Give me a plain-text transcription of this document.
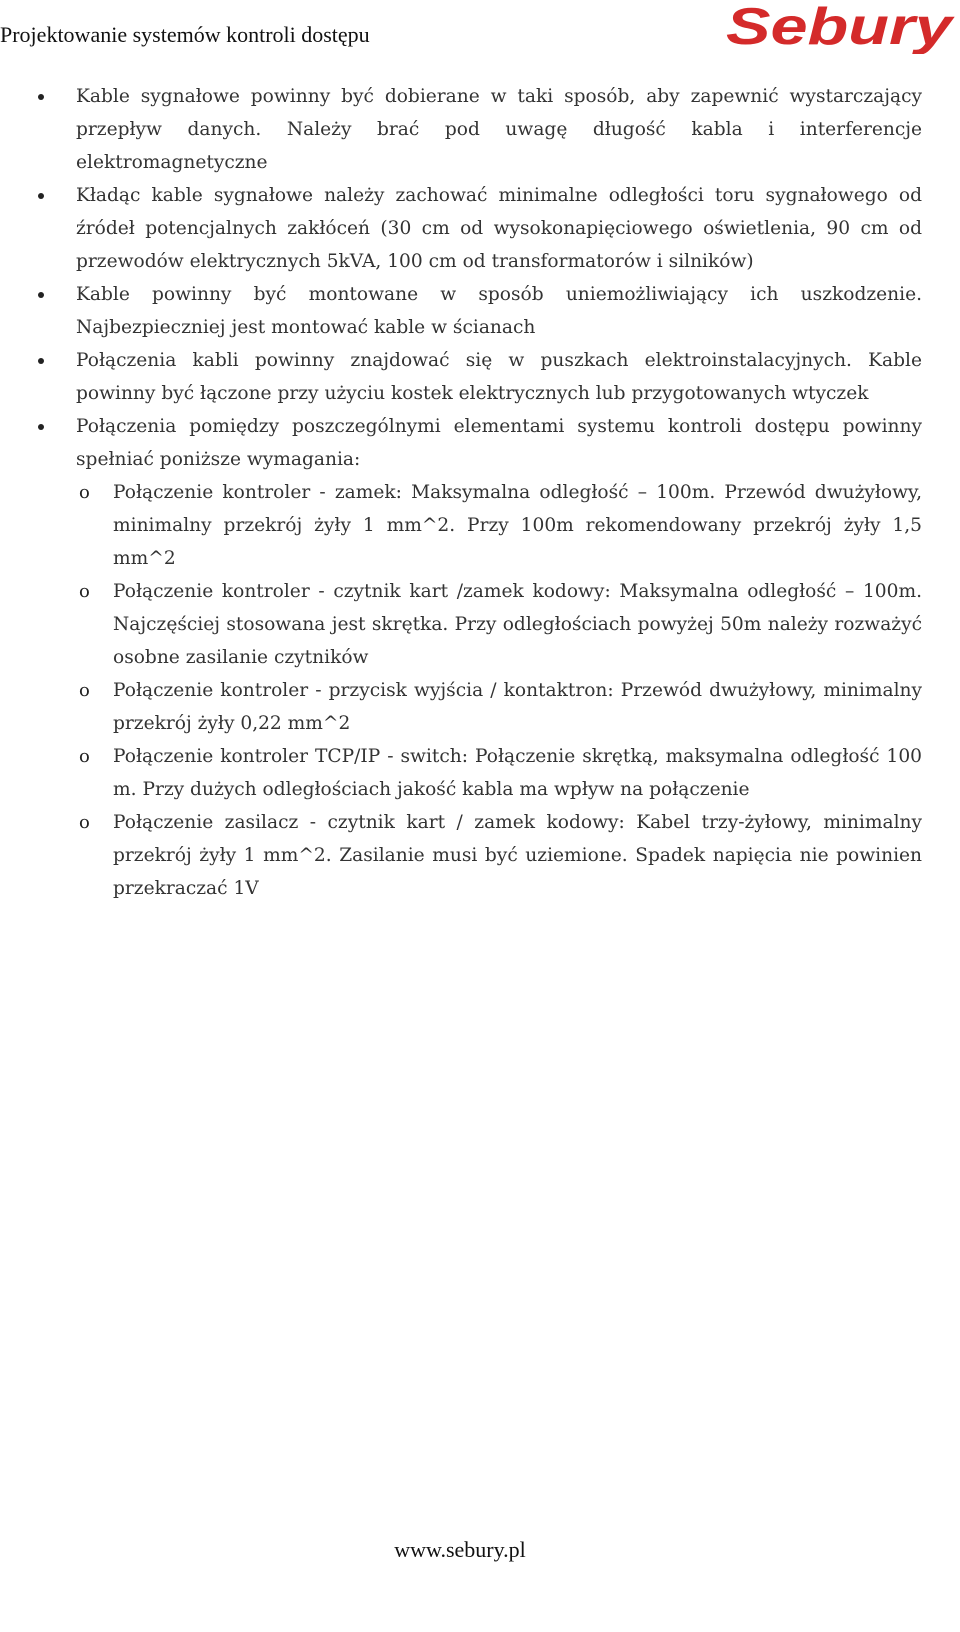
Projektowanie systemów kontroli dostępu	Sebury
Kable sygnałowe powinny być dobierane w taki sposób, aby zapewnić wystarczający przepływ danych. Należy brać pod uwagę długość kabla i interferencje elektromagnetyczne
Kładąc kable sygnałowe należy zachować minimalne odległości toru sygnałowego od źródeł potencjalnych zakłóceń (30 cm od wysokonapięciowego oświetlenia, 90 cm od przewodów elektrycznych 5kVA, 100 cm od transformatorów i silników)
Kable powinny być montowane w sposób uniemożliwiający ich uszkodzenie. Najbezpieczniej jest montować kable w ścianach
Połączenia kabli powinny znajdować się w puszkach elektroinstalacyjnych. Kable powinny być łączone przy użyciu kostek elektrycznych lub przygotowanych wtyczek
Połączenia pomiędzy poszczególnymi elementami systemu kontroli dostępu powinny spełniać poniższe wymagania:
o Połączenie kontroler - zamek: Maksymalna odległość – 100m. Przewód dwużyłowy, minimalny przekrój żyły 1 mm^2. Przy 100m rekomendowany przekrój żyły 1,5 mm^2
o Połączenie kontroler - czytnik kart /zamek kodowy: Maksymalna odległość – 100m. Najczęściej stosowana jest skrętka. Przy odległościach powyżej 50m należy rozważyć osobne zasilanie czytników
o Połączenie kontroler - przycisk wyjścia / kontaktron: Przewód dwużyłowy, minimalny przekrój żyły 0,22 mm^2
o Połączenie kontroler TCP/IP - switch: Połączenie skrętką, maksymalna odległość 100 m. Przy dużych odległościach jakość kabla ma wpływ na połączenie
o Połączenie zasilacz - czytnik kart / zamek kodowy: Kabel trzy-żyłowy, minimalny przekrój żyły 1 mm^2. Zasilanie musi być uziemione. Spadek napięcia nie powinien przekraczać 1V
www.sebury.pl
